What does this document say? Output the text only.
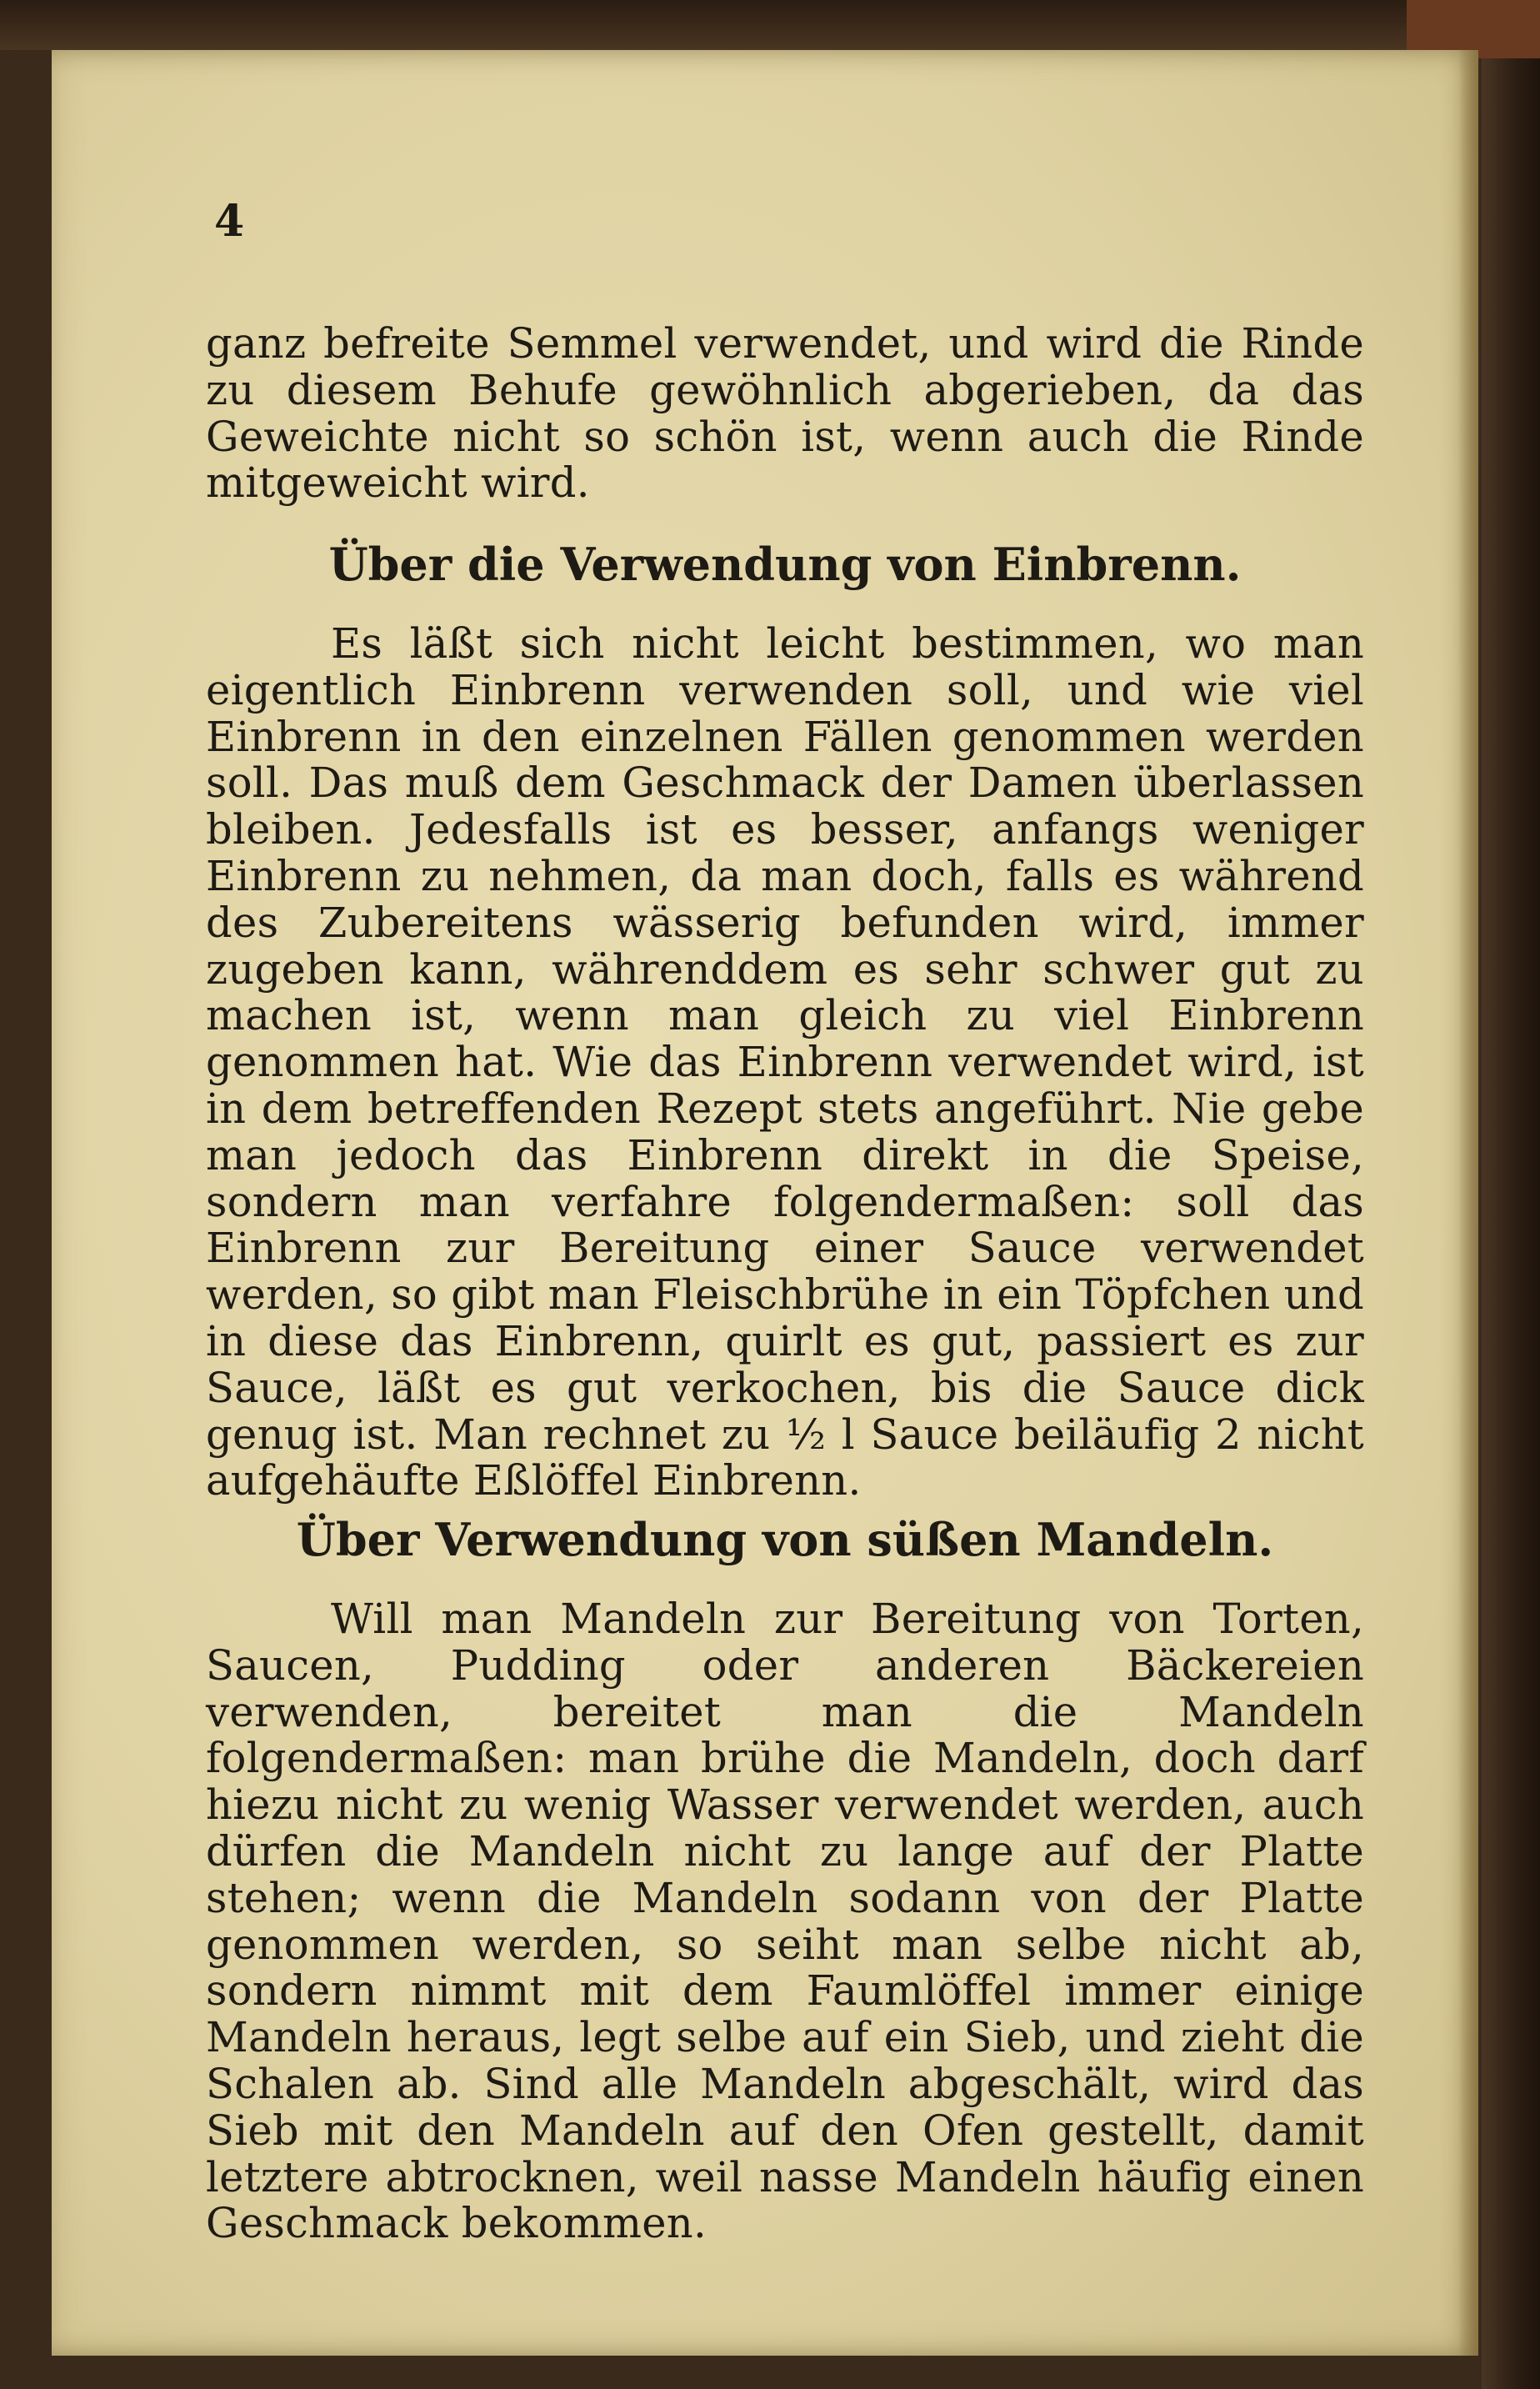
4

ganz befreite Semmel verwendet, und wird die Rinde zu diesem Behufe gewöhnlich abgerieben, da das Geweichte nicht so schön ist, wenn auch die Rinde mitgeweicht wird.

Über die Verwendung von Einbrenn.

Es läßt sich nicht leicht bestimmen, wo man eigentlich Einbrenn verwenden soll, und wie viel Einbrenn in den einzelnen Fällen genommen werden soll. Das muß dem Geschmack der Damen überlassen bleiben. Jedesfalls ist es besser, anfangs weniger Einbrenn zu nehmen, da man doch, falls es während des Zubereitens wässerig befunden wird, immer zugeben kann, währenddem es sehr schwer gut zu machen ist, wenn man gleich zu viel Einbrenn genommen hat. Wie das Einbrenn verwendet wird, ist in dem betreffenden Rezept stets angeführt. Nie gebe man jedoch das Einbrenn direkt in die Speise, sondern man verfahre folgendermaßen: soll das Einbrenn zur Bereitung einer Sauce verwendet werden, so gibt man Fleischbrühe in ein Töpfchen und in diese das Einbrenn, quirlt es gut, passiert es zur Sauce, läßt es gut verkochen, bis die Sauce dick genug ist. Man rechnet zu ½ l Sauce beiläufig 2 nicht aufgehäufte Eßlöffel Einbrenn.

Über Verwendung von süßen Mandeln.

Will man Mandeln zur Bereitung von Torten, Saucen, Pudding oder anderen Bäckereien verwenden, bereitet man die Mandeln folgendermaßen: man brühe die Mandeln, doch darf hiezu nicht zu wenig Wasser verwendet werden, auch dürfen die Mandeln nicht zu lange auf der Platte stehen; wenn die Mandeln sodann von der Platte genommen werden, so seiht man selbe nicht ab, sondern nimmt mit dem Faumlöffel immer einige Mandeln heraus, legt selbe auf ein Sieb, und zieht die Schalen ab. Sind alle Mandeln abgeschält, wird das Sieb mit den Mandeln auf den Ofen gestellt, damit letztere abtrocknen, weil nasse Mandeln häufig einen Geschmack bekommen.
